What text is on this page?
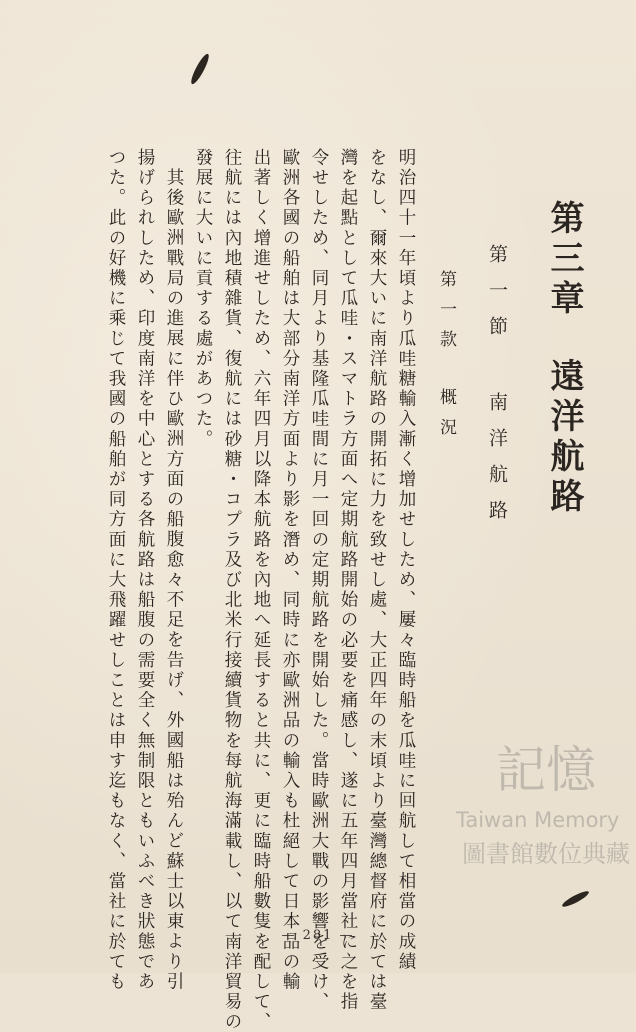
第三章遠洋航路
第一節南洋航路
第一款概況
明治四十一年頃より瓜哇糖輸入漸く增加せしため、屢々臨時船を瓜哇に回航して相當の成績
をなし、爾來大いに南洋航路の開拓に力を致せし處、大正四年の末頃より臺灣總督府に於ては臺
灣を起點として瓜哇・スマトラ方面へ定期航路開始の必要を痛感し、遂に五年四月當社に之を指
令せしため、同月より基隆瓜哇間に月一回の定期航路を開始した。當時歐洲大戰の影響を受け、
歐洲各國の船舶は大部分南洋方面より影を潛め、同時に亦歐洲品の輸入も杜絕して日本品の輸
出著しく增進せしため、六年四月以降本航路を內地へ延長すると共に、更に臨時船數隻を配して、
往航には內地積雜貨、復航には砂糖・コプラ及び北米行接續貨物を每航海滿載し、以て南洋貿易の
發展に大いに貢する處があつた。
其後歐洲戰局の進展に伴ひ歐洲方面の船腹愈々不足を告げ、外國船は殆んど蘇士以東より引
揚げられしため、印度南洋を中心とする各航路は船腹の需要全く無制限ともいふべき狀態であ
つた。此の好機に乘じて我國の船舶が同方面に大飛躍せしことは申す迄もなく、當社に於ても	— 281 —
記憶
Taiwan Memory
圖書館數位典藏
